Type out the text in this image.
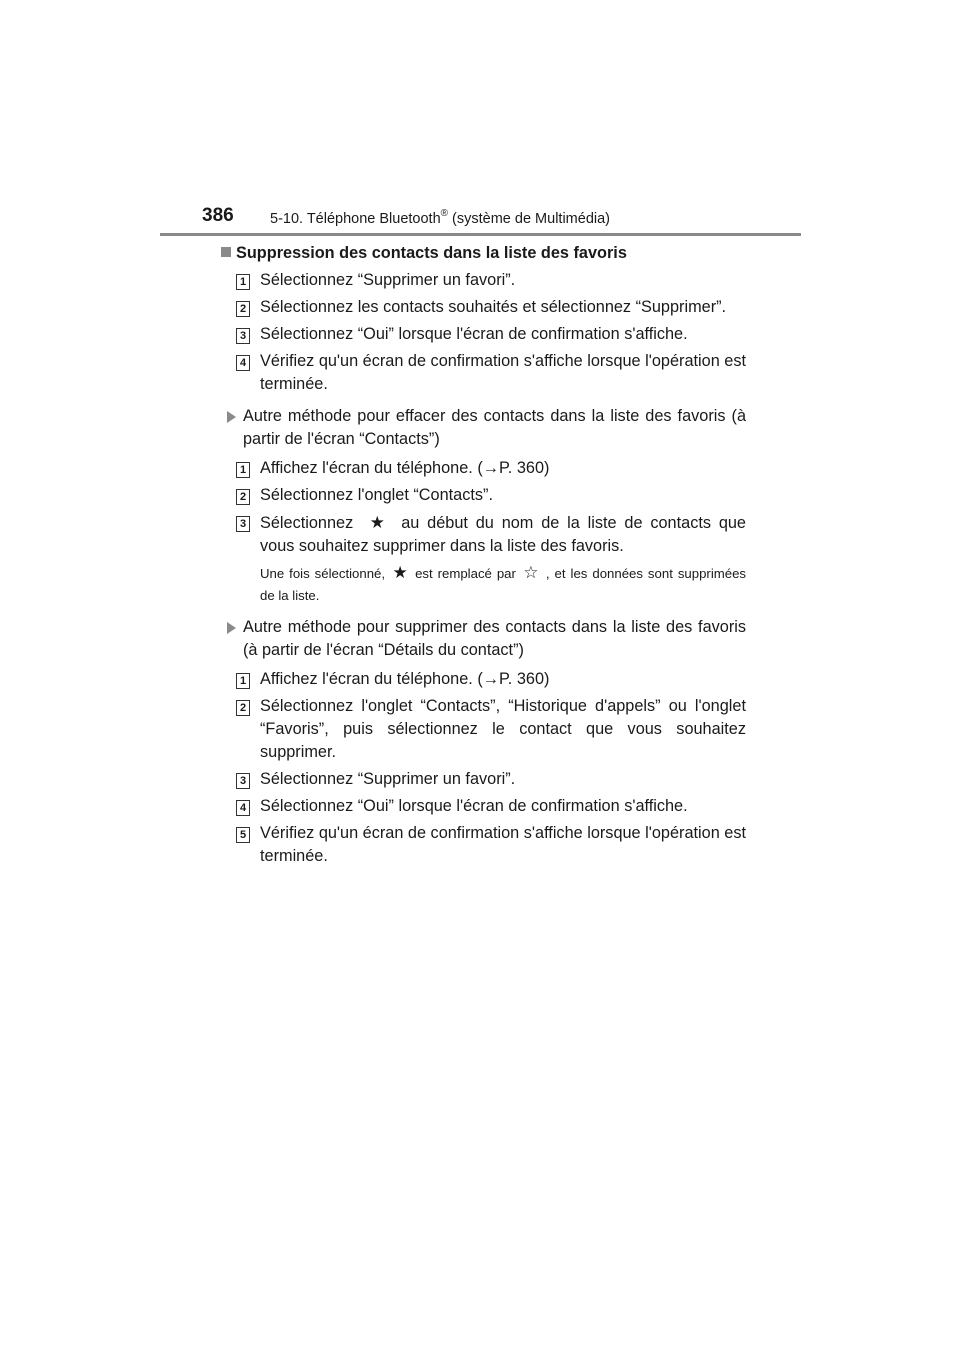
386	5-10. Téléphone Bluetooth® (système de Multimédia)
Suppression des contacts dans la liste des favoris
1 Sélectionnez “Supprimer un favori”.
2 Sélectionnez les contacts souhaités et sélectionnez “Supprimer”.
3 Sélectionnez “Oui” lorsque l'écran de confirmation s'affiche.
4 Vérifiez qu'un écran de confirmation s'affiche lorsque l'opération est terminée.
Autre méthode pour effacer des contacts dans la liste des favoris (à partir de l'écran “Contacts”)
1 Affichez l'écran du téléphone. (→P. 360)
2 Sélectionnez l'onglet “Contacts”.
3 Sélectionnez ★ au début du nom de la liste de contacts que vous souhaitez supprimer dans la liste des favoris.
Une fois sélectionné, ★ est remplacé par ☆ , et les données sont supprimées de la liste.
Autre méthode pour supprimer des contacts dans la liste des favoris (à partir de l'écran “Détails du contact”)
1 Affichez l'écran du téléphone. (→P. 360)
2 Sélectionnez l'onglet “Contacts”, “Historique d'appels” ou l'onglet “Favoris”, puis sélectionnez le contact que vous souhaitez supprimer.
3 Sélectionnez “Supprimer un favori”.
4 Sélectionnez “Oui” lorsque l'écran de confirmation s'affiche.
5 Vérifiez qu'un écran de confirmation s'affiche lorsque l'opération est terminée.
